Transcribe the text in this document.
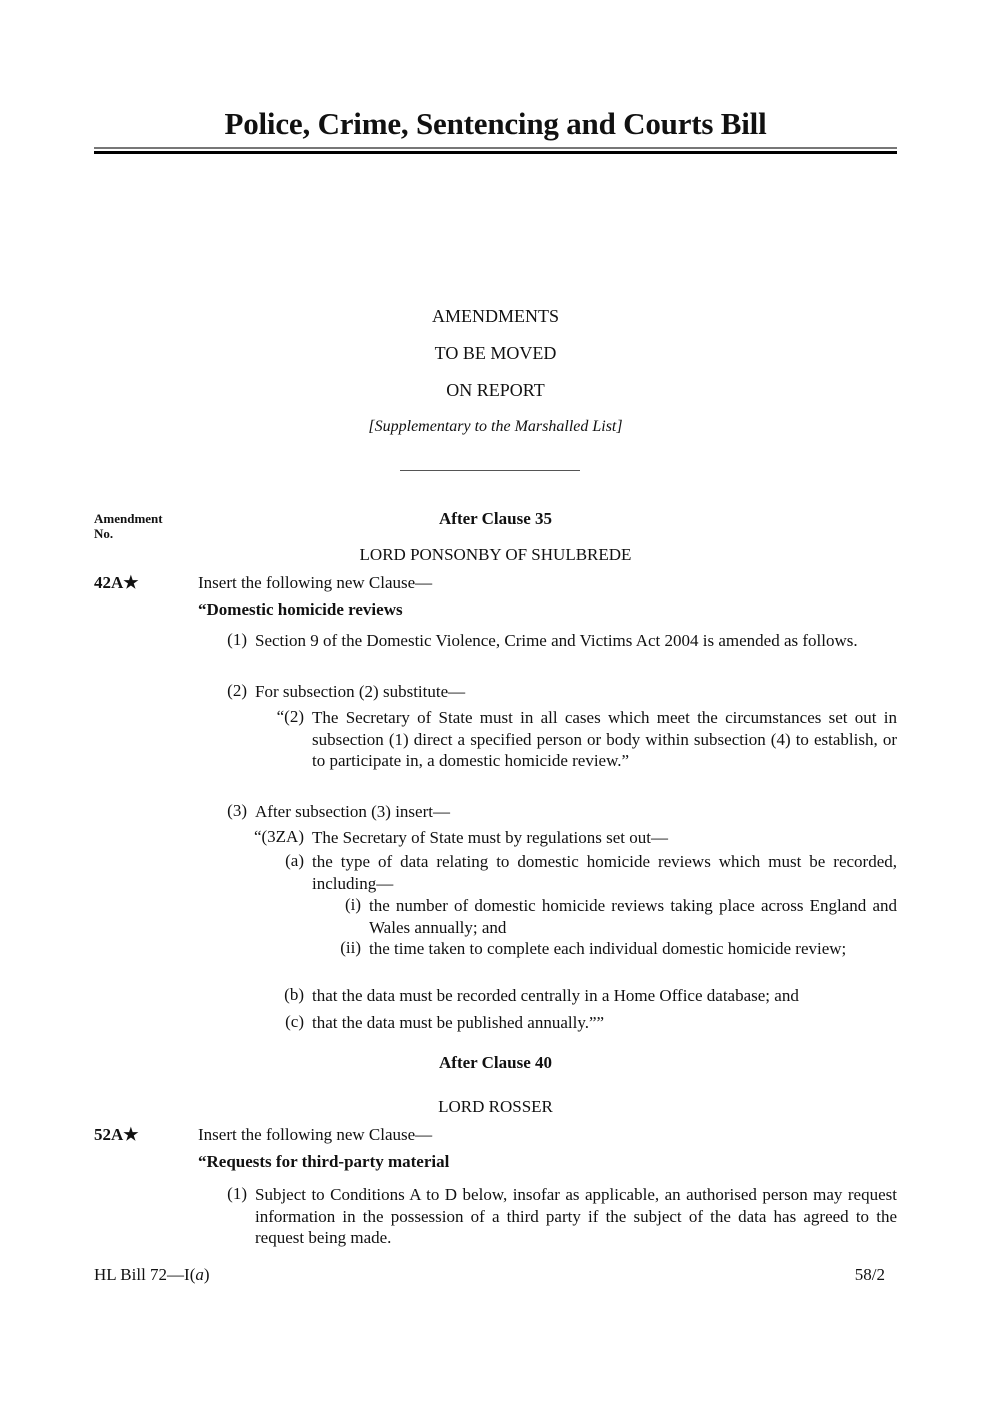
Police, Crime, Sentencing and Courts Bill
AMENDMENTS
TO BE MOVED
ON REPORT
[Supplementary to the Marshalled List]
Amendment
No.
After Clause 35
LORD PONSONBY OF SHULBREDE
42A★	Insert the following new Clause—
“Domestic homicide reviews
(1) Section 9 of the Domestic Violence, Crime and Victims Act 2004 is amended as follows.
(2) For subsection (2) substitute—
“(2) The Secretary of State must in all cases which meet the circumstances set out in subsection (1) direct a specified person or body within subsection (4) to establish, or to participate in, a domestic homicide review.”
(3) After subsection (3) insert—
“(3ZA) The Secretary of State must by regulations set out—
(a) the type of data relating to domestic homicide reviews which must be recorded, including—
(i) the number of domestic homicide reviews taking place across England and Wales annually; and
(ii) the time taken to complete each individual domestic homicide review;
(b) that the data must be recorded centrally in a Home Office database; and
(c) that the data must be published annually.””
After Clause 40
LORD ROSSER
52A★	Insert the following new Clause—
“Requests for third-party material
(1) Subject to Conditions A to D below, insofar as applicable, an authorised person may request information in the possession of a third party if the subject of the data has agreed to the request being made.
HL Bill 72—I(a)	58/2
